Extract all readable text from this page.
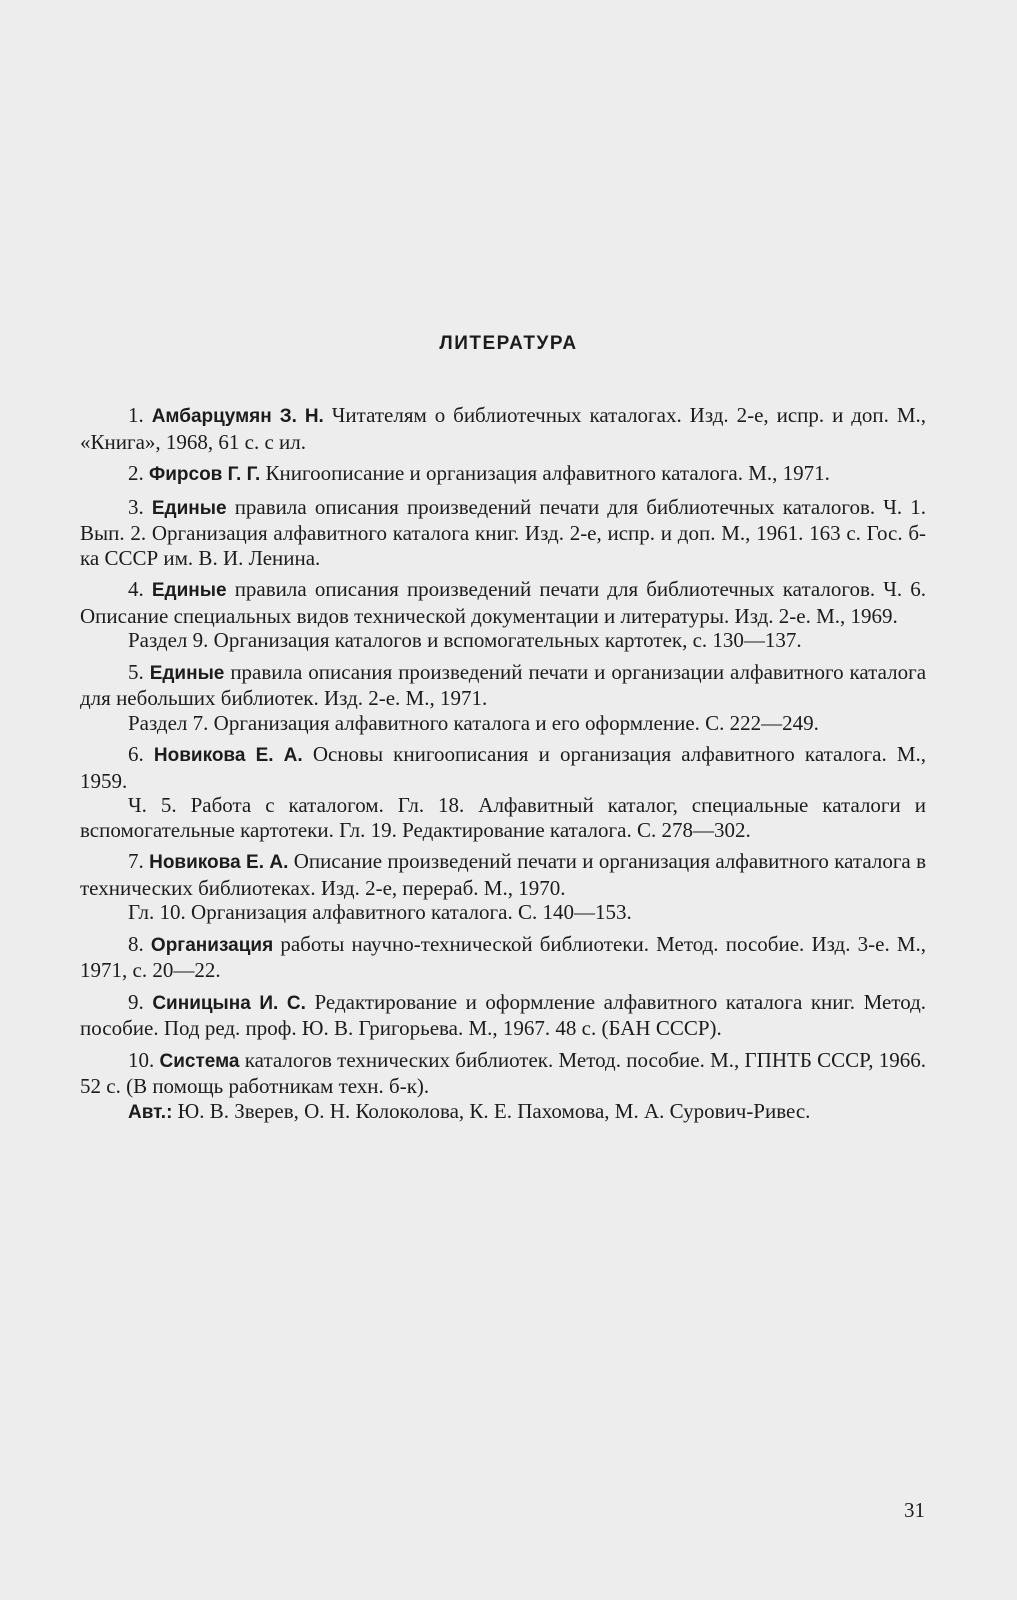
ЛИТЕРАТУРА

1. Амбарцумян З. Н. Читателям о библиотечных каталогах. Изд. 2-е, испр. и доп. М., «Книга», 1968, 61 с. с ил.

2. Фирсов Г. Г. Книгоописание и организация алфавитного каталога. М., 1971.

3. Единые правила описания произведений печати для библиотечных каталогов. Ч. 1. Вып. 2. Организация алфавитного каталога книг. Изд. 2-е, испр. и доп. М., 1961. 163 с. Гос. б-ка СССР им. В. И. Ленина.

4. Единые правила описания произведений печати для библиотечных каталогов. Ч. 6. Описание специальных видов технической документации и литературы. Изд. 2-е. М., 1969.

Раздел 9. Организация каталогов и вспомогательных картотек, с. 130—137.

5. Единые правила описания произведений печати и организации алфавитного каталога для небольших библиотек. Изд. 2-е. М., 1971.

Раздел 7. Организация алфавитного каталога и его оформление. С. 222—249.

6. Новикова Е. А. Основы книгоописания и организация алфавитного каталога. М., 1959.

Ч. 5. Работа с каталогом. Гл. 18. Алфавитный каталог, специальные каталоги и вспомогательные картотеки. Гл. 19. Редактирование каталога. С. 278—302.

7. Новикова Е. А. Описание произведений печати и организация алфавитного каталога в технических библиотеках. Изд. 2-е, перераб. М., 1970.

Гл. 10. Организация алфавитного каталога. С. 140—153.

8. Организация работы научно-технической библиотеки. Метод. пособие. Изд. 3-е. М., 1971, с. 20—22.

9. Синицына И. С. Редактирование и оформление алфавитного каталога книг. Метод. пособие. Под ред. проф. Ю. В. Григорьева. М., 1967. 48 с. (БАН СССР).

10. Система каталогов технических библиотек. Метод. пособие. М., ГПНТБ СССР, 1966. 52 с. (В помощь работникам техн. б-к).

Авт.: Ю. В. Зверев, О. Н. Колоколова, К. Е. Пахомова, М. А. Сурович-Ривес.

31
